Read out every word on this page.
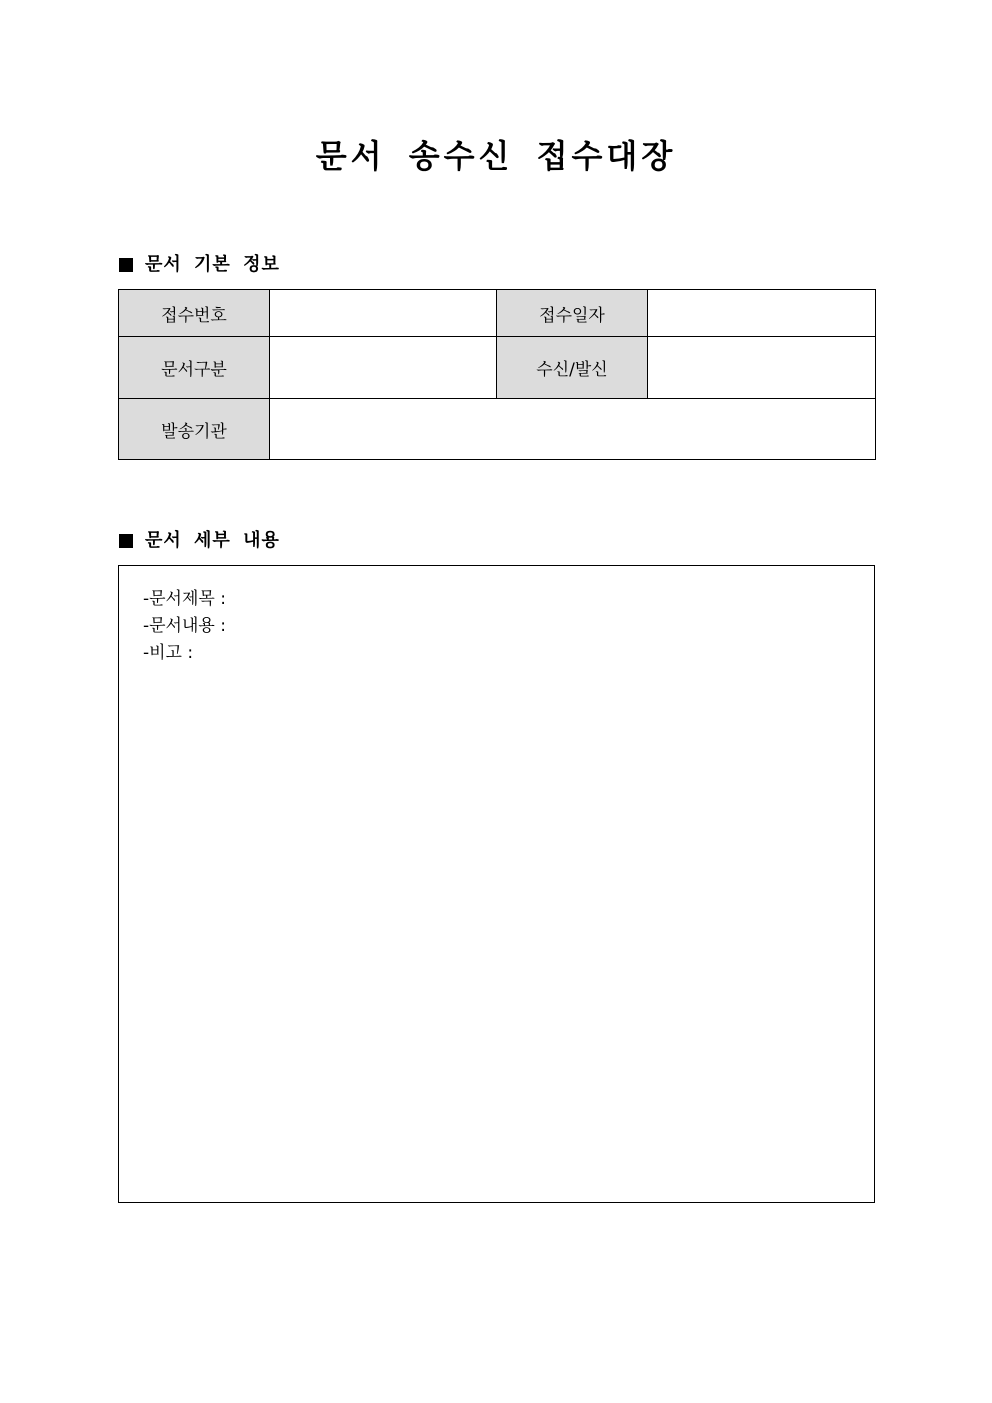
문서 송수신 접수대장
문서 기본 정보
접수번호		접수일자	
문서구분		수신/발신	
발송기관			
문서 세부 내용
-문서제목 :
-문서내용 :
-비고 :
